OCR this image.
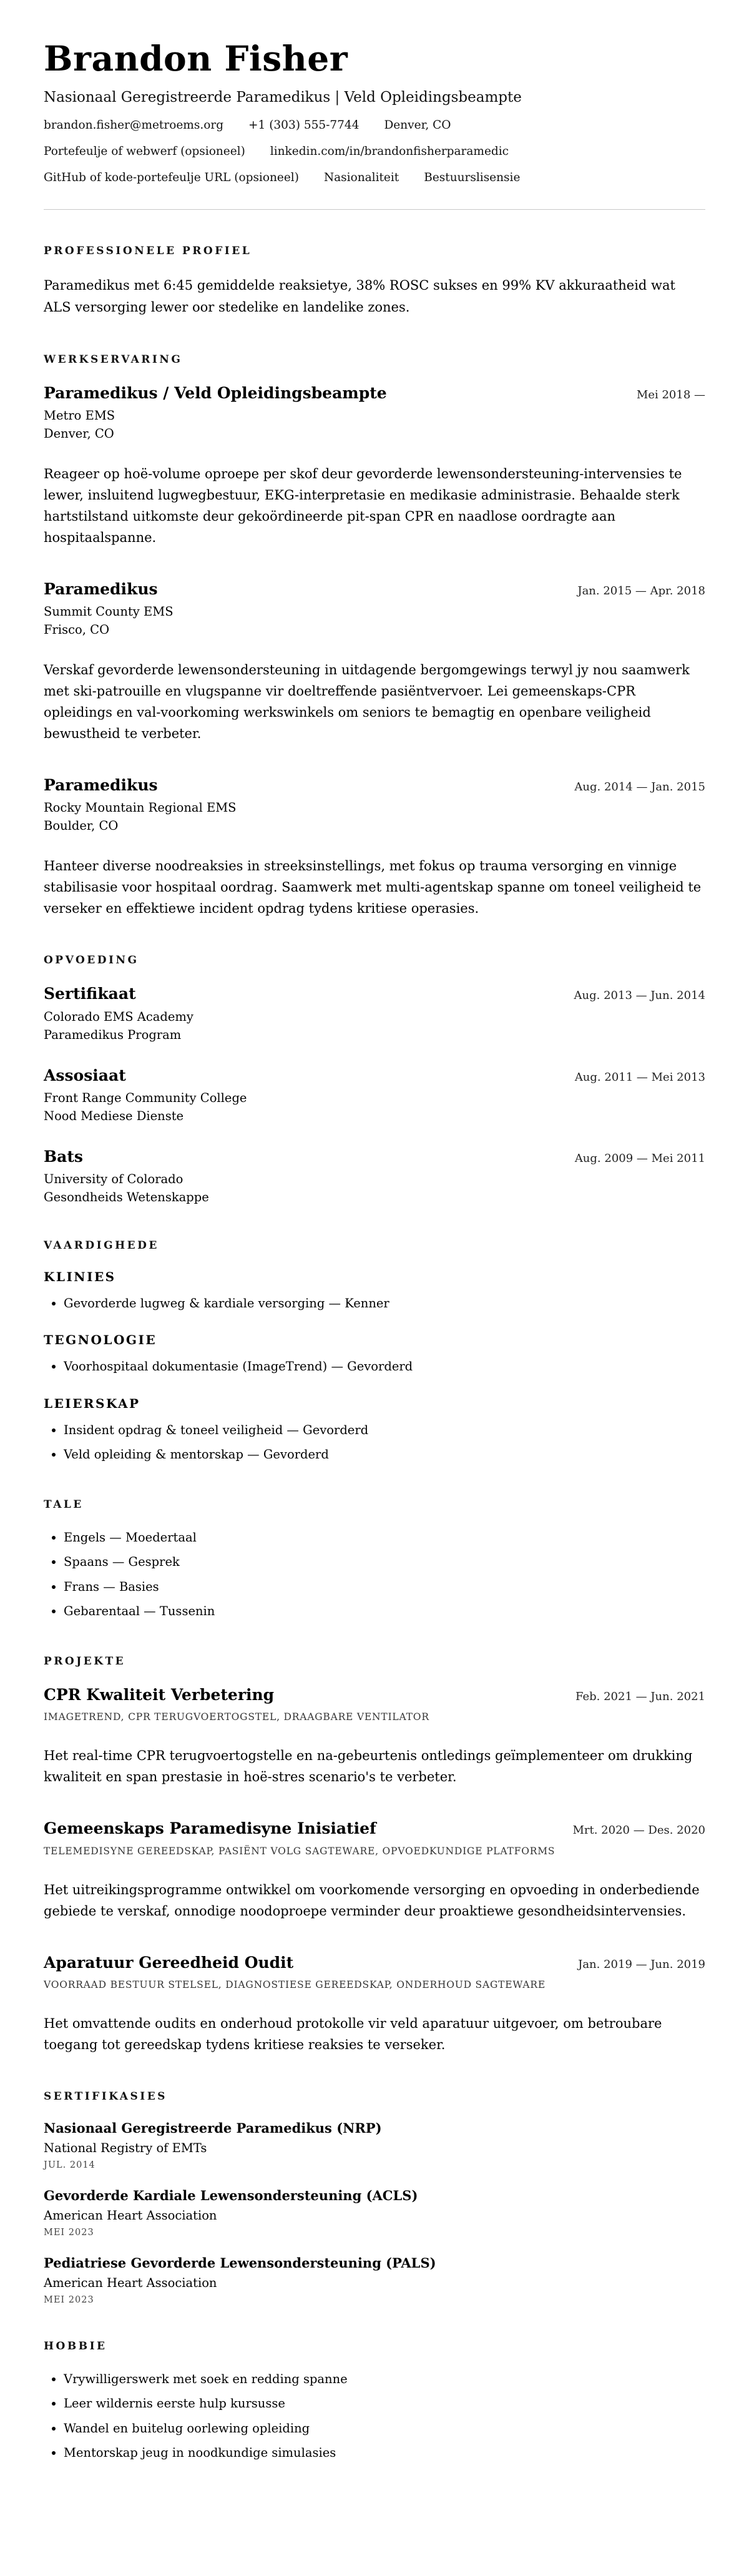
Brandon Fisher
Nasionaal Geregistreerde Paramedikus | Veld Opleidingsbeampte
brandon.fisher@metroems.org +1 (303) 555-7744 Denver, CO
Portefeulje of webwerf (opsioneel) linkedin.com/in/brandonfisherparamedic
GitHub of kode-portefeulje URL (opsioneel) Nasionaliteit Bestuurslisensie
PROFESSIONELE PROFIEL

Paramedikus met 6:45 gemiddelde reaksietye, 38% ROSC sukses en 99% KV akkuraatheid wat ALS versorging lewer oor stedelike en landelike zones.

WERKSERVARING
Paramedikus / Veld Opleidingsbeampte	Mei 2018 —
Metro EMS
Denver, CO

Reageer op hoë-volume oproepe per skof deur gevorderde lewensondersteuning-intervensies te lewer, insluitend lugwegbestuur, EKG-interpretasie en medikasie administrasie. Behaalde sterk hartstilstand uitkomste deur gekoördineerde pit-span CPR en naadlose oordragte aan hospitaalspanne.

Paramedikus	Jan. 2015 — Apr. 2018
Summit County EMS
Frisco, CO

Verskaf gevorderde lewensondersteuning in uitdagende bergomgewings terwyl jy nou saamwerk met ski-patrouille en vlugspanne vir doeltreffende pasiëntvervoer. Lei gemeenskaps-CPR opleidings en val-voorkoming werkswinkels om seniors te bemagtig en openbare veiligheid bewustheid te verbeter.

Paramedikus	Aug. 2014 — Jan. 2015
Rocky Mountain Regional EMS
Boulder, CO

Hanteer diverse noodreaksies in streeksinstellings, met fokus op trauma versorging en vinnige stabilisasie voor hospitaal oordrag. Saamwerk met multi-agentskap spanne om toneel veiligheid te verseker en effektiewe incident opdrag tydens kritiese operasies.

OPVOEDING
Sertifikaat	Aug. 2013 — Jun. 2014
Colorado EMS Academy
Paramedikus Program
Assosiaat	Aug. 2011 — Mei 2013
Front Range Community College
Nood Mediese Dienste
Bats	Aug. 2009 — Mei 2011
University of Colorado
Gesondheids Wetenskappe
VAARDIGHEDE
KLINIES
• Gevorderde lugweg & kardiale versorging — Kenner
TEGNOLOGIE
• Voorhospitaal dokumentasie (ImageTrend) — Gevorderd
LEIERSKAP
• Insident opdrag & toneel veiligheid — Gevorderd
• Veld opleiding & mentorskap — Gevorderd
TALE
• Engels — Moedertaal
• Spaans — Gesprek
• Frans — Basies
• Gebarentaal — Tussenin
PROJEKTE
CPR Kwaliteit Verbetering	Feb. 2021 — Jun. 2021
IMAGETREND, CPR TERUGVOERTOGSTEL, DRAAGBARE VENTILATOR

Het real-time CPR terugvoertogstelle en na-gebeurtenis ontledings geïmplementeer om drukking kwaliteit en span prestasie in hoë-stres scenario's te verbeter.

Gemeenskaps Paramedisyne Inisiatief	Mrt. 2020 — Des. 2020
TELEMEDISYNE GEREEDSKAP, PASIËNT VOLG SAGTEWARE, OPVOEDKUNDIGE PLATFORMS

Het uitreikingsprogramme ontwikkel om voorkomende versorging en opvoeding in onderbediende gebiede te verskaf, onnodige noodoproepe verminder deur proaktiewe gesondheidsintervensies.

Aparatuur Gereedheid Oudit	Jan. 2019 — Jun. 2019
VOORRAAD BESTUUR STELSEL, DIAGNOSTIESE GEREEDSKAP, ONDERHOUD SAGTEWARE

Het omvattende oudits en onderhoud protokolle vir veld aparatuur uitgevoer, om betroubare toegang tot gereedskap tydens kritiese reaksies te verseker.

SERTIFIKASIES
Nasionaal Geregistreerde Paramedikus (NRP)
National Registry of EMTs
JUL. 2014
Gevorderde Kardiale Lewensondersteuning (ACLS)
American Heart Association
MEI 2023
Pediatriese Gevorderde Lewensondersteuning (PALS)
American Heart Association
MEI 2023
HOBBIE
• Vrywilligerswerk met soek en redding spanne
• Leer wildernis eerste hulp kursusse
• Wandel en buitelug oorlewing opleiding
• Mentorskap jeug in noodkundige simulasies
